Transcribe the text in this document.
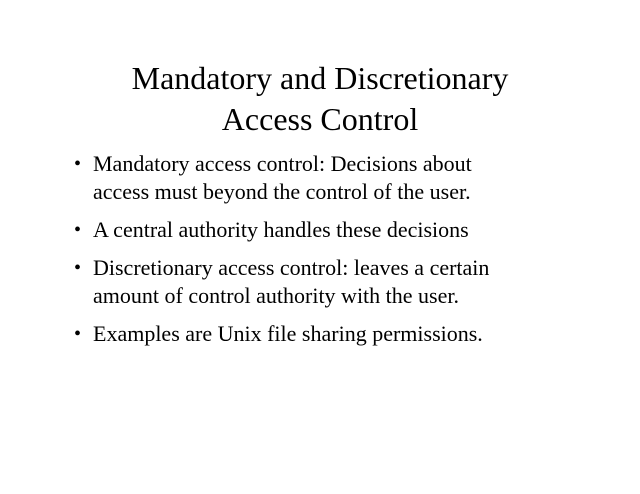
Mandatory and Discretionary
Access Control
• Mandatory access control: Decisions about
access must beyond the control of the user.
• A central authority handles these decisions
• Discretionary access control: leaves a certain
amount of control authority with the user.
• Examples are Unix file sharing permissions.
